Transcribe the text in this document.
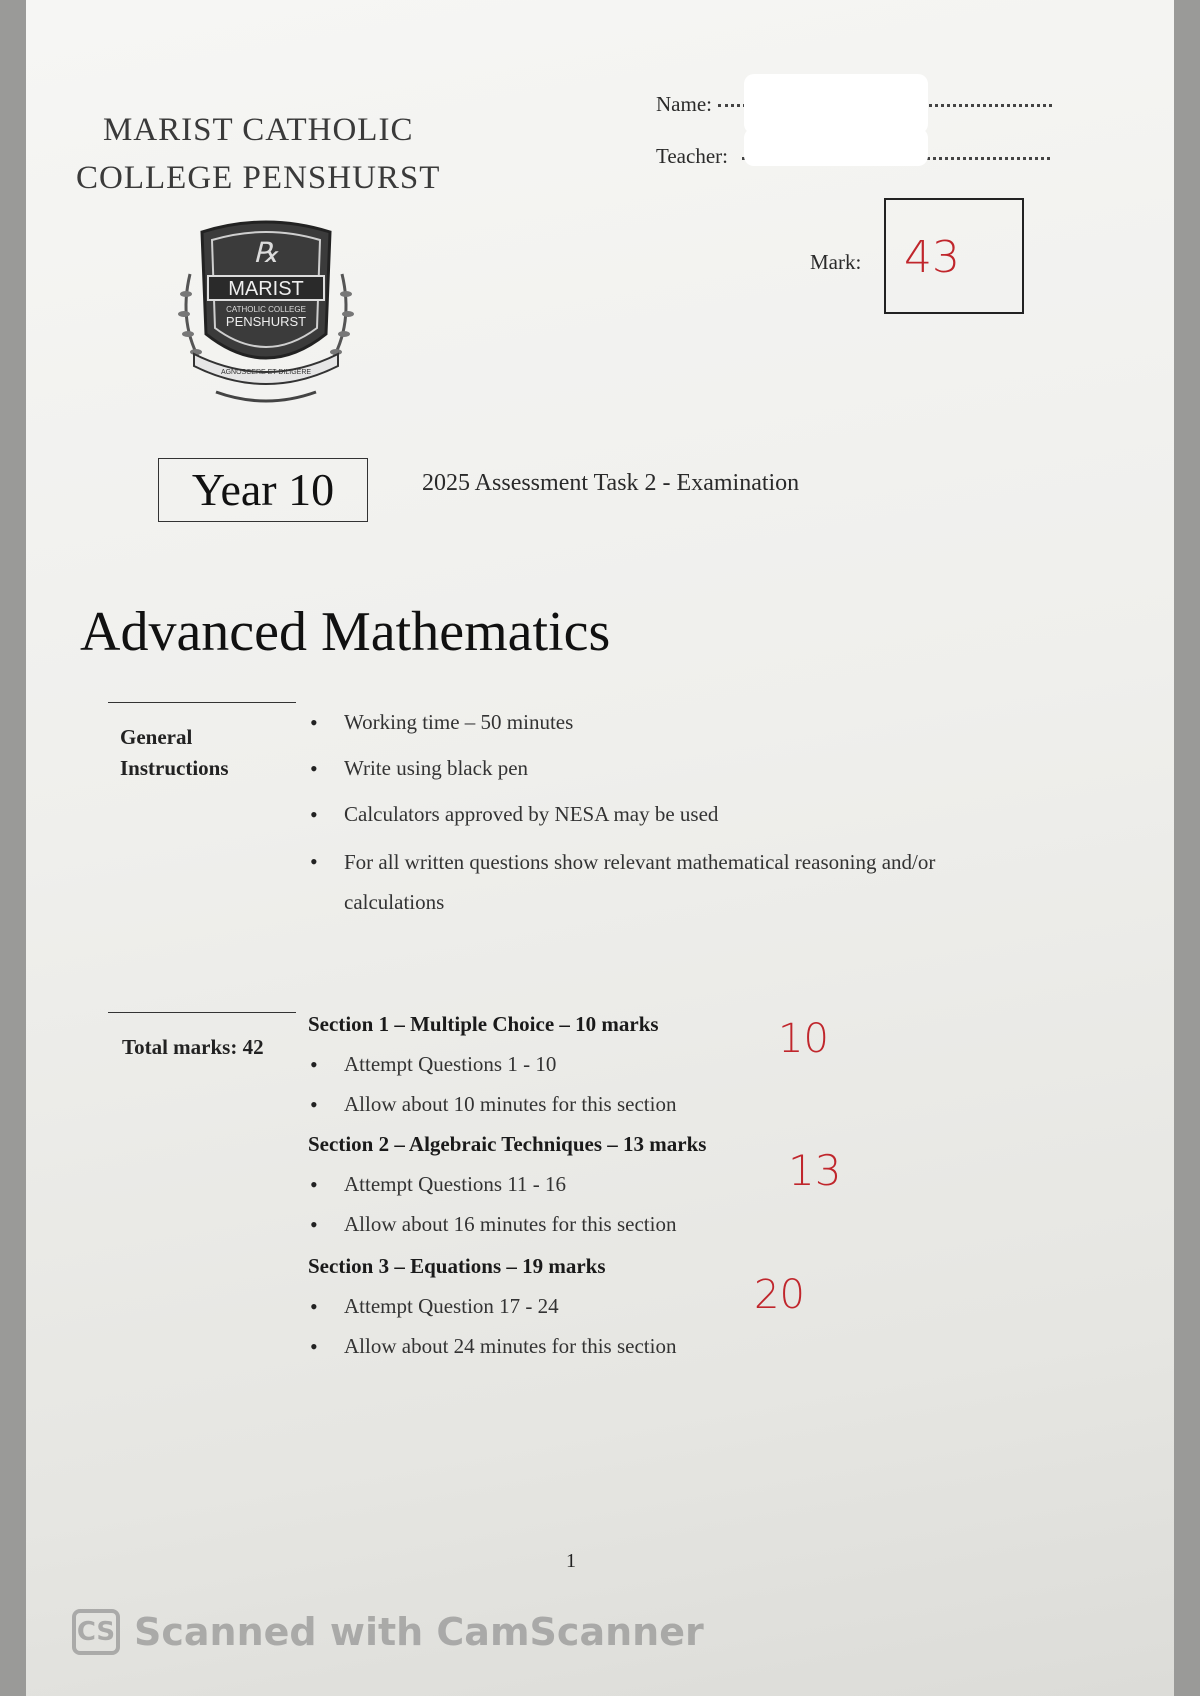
MARIST CATHOLIC
COLLEGE PENSHURST
℞
MARIST
CATHOLIC COLLEGE
PENSHURST
AGNOSCERE ET DILIGERE
Name:
Teacher:
Mark: 43
Year 10	2025 Assessment Task 2 - Examination
Advanced Mathematics
General
Instructions
• Working time – 50 minutes
• Write using black pen
• Calculators approved by NESA may be used
• For all written questions show relevant mathematical reasoning and/or calculations
Total marks: 42
Section 1 – Multiple Choice – 10 marks
• Attempt Questions 1 - 10
• Allow about 10 minutes for this section
10
Section 2 – Algebraic Techniques – 13 marks
• Attempt Questions 11 - 16
• Allow about 16 minutes for this section
13
Section 3 – Equations – 19 marks
• Attempt Question 17 - 24
• Allow about 24 minutes for this section
20
1
CS Scanned with CamScanner
